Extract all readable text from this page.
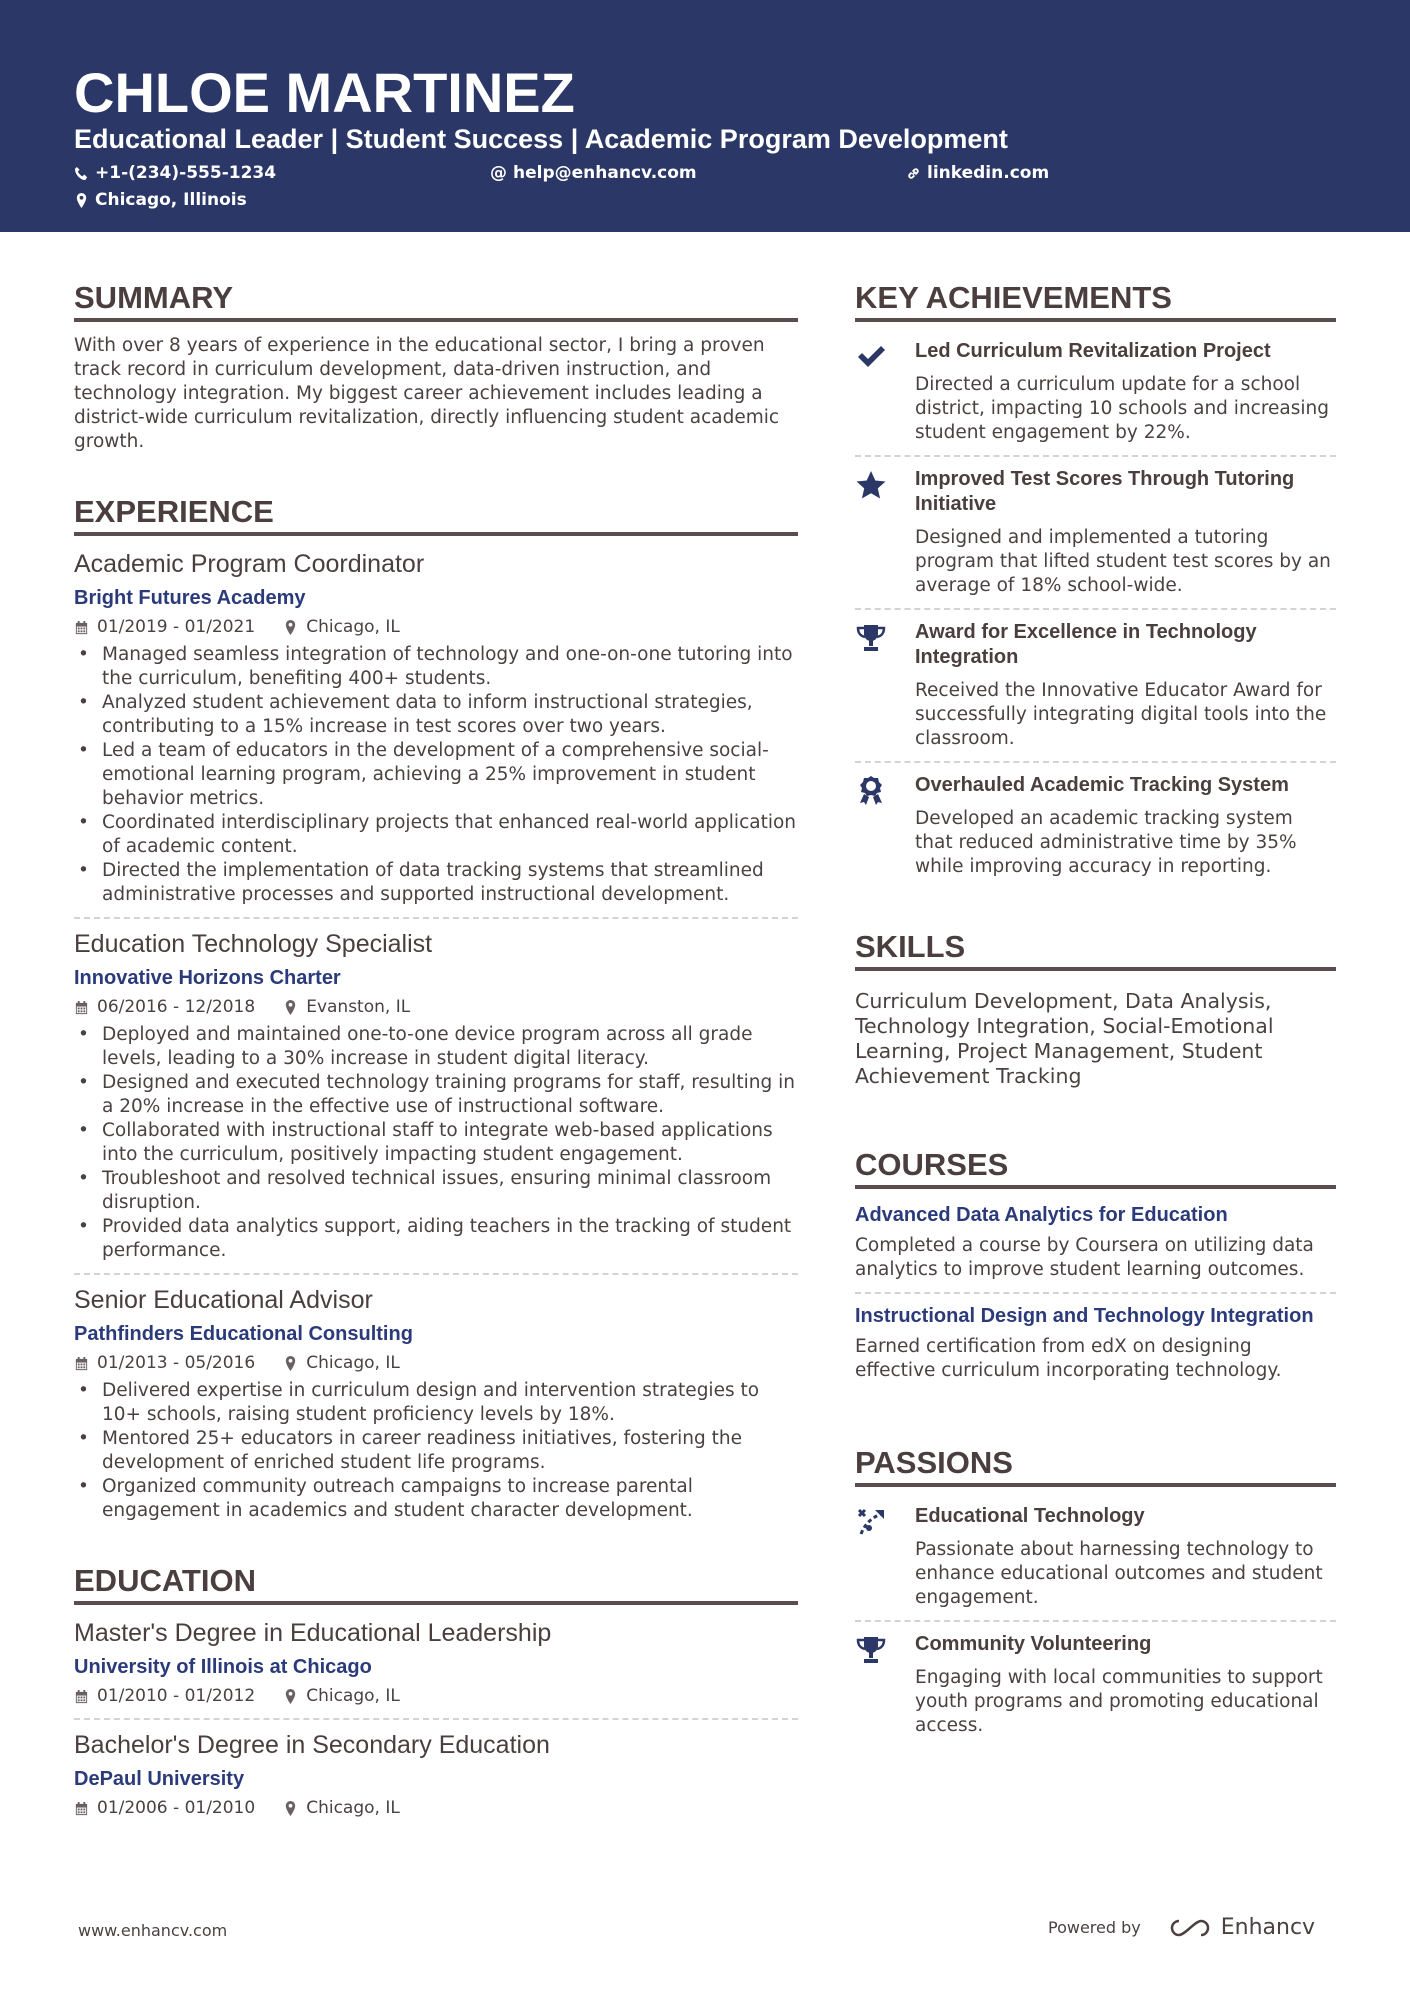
CHLOE MARTINEZ
Educational Leader | Student Success | Academic Program Development
+1-(234)-555-1234	@ help@enhancv.com	linkedin.com
Chicago, Illinois
SUMMARY
With over 8 years of experience in the educational sector, I bring a proven track record in curriculum development, data-driven instruction, and technology integration. My biggest career achievement includes leading a district-wide curriculum revitalization, directly influencing student academic growth.
EXPERIENCE
Academic Program Coordinator
Bright Futures Academy
01/2019 - 01/2021	Chicago, IL
• Managed seamless integration of technology and one-on-one tutoring into the curriculum, benefiting 400+ students.
• Analyzed student achievement data to inform instructional strategies, contributing to a 15% increase in test scores over two years.
• Led a team of educators in the development of a comprehensive social-emotional learning program, achieving a 25% improvement in student behavior metrics.
• Coordinated interdisciplinary projects that enhanced real-world application of academic content.
• Directed the implementation of data tracking systems that streamlined administrative processes and supported instructional development.
Education Technology Specialist
Innovative Horizons Charter
06/2016 - 12/2018	Evanston, IL
• Deployed and maintained one-to-one device program across all grade levels, leading to a 30% increase in student digital literacy.
• Designed and executed technology training programs for staff, resulting in a 20% increase in the effective use of instructional software.
• Collaborated with instructional staff to integrate web-based applications into the curriculum, positively impacting student engagement.
• Troubleshoot and resolved technical issues, ensuring minimal classroom disruption.
• Provided data analytics support, aiding teachers in the tracking of student performance.
Senior Educational Advisor
Pathfinders Educational Consulting
01/2013 - 05/2016	Chicago, IL
• Delivered expertise in curriculum design and intervention strategies to 10+ schools, raising student proficiency levels by 18%.
• Mentored 25+ educators in career readiness initiatives, fostering the development of enriched student life programs.
• Organized community outreach campaigns to increase parental engagement in academics and student character development.
EDUCATION
Master's Degree in Educational Leadership
University of Illinois at Chicago
01/2010 - 01/2012	Chicago, IL
Bachelor's Degree in Secondary Education
DePaul University
01/2006 - 01/2010	Chicago, IL
KEY ACHIEVEMENTS
Led Curriculum Revitalization Project
Directed a curriculum update for a school district, impacting 10 schools and increasing student engagement by 22%.
Improved Test Scores Through Tutoring Initiative
Designed and implemented a tutoring program that lifted student test scores by an average of 18% school-wide.
Award for Excellence in Technology Integration
Received the Innovative Educator Award for successfully integrating digital tools into the classroom.
Overhauled Academic Tracking System
Developed an academic tracking system that reduced administrative time by 35% while improving accuracy in reporting.
SKILLS
Curriculum Development, Data Analysis, Technology Integration, Social-Emotional Learning, Project Management, Student Achievement Tracking
COURSES
Advanced Data Analytics for Education
Completed a course by Coursera on utilizing data analytics to improve student learning outcomes.
Instructional Design and Technology Integration
Earned certification from edX on designing effective curriculum incorporating technology.
PASSIONS
Educational Technology
Passionate about harnessing technology to enhance educational outcomes and student engagement.
Community Volunteering
Engaging with local communities to support youth programs and promoting educational access.
www.enhancv.com	Powered by	Enhancv
